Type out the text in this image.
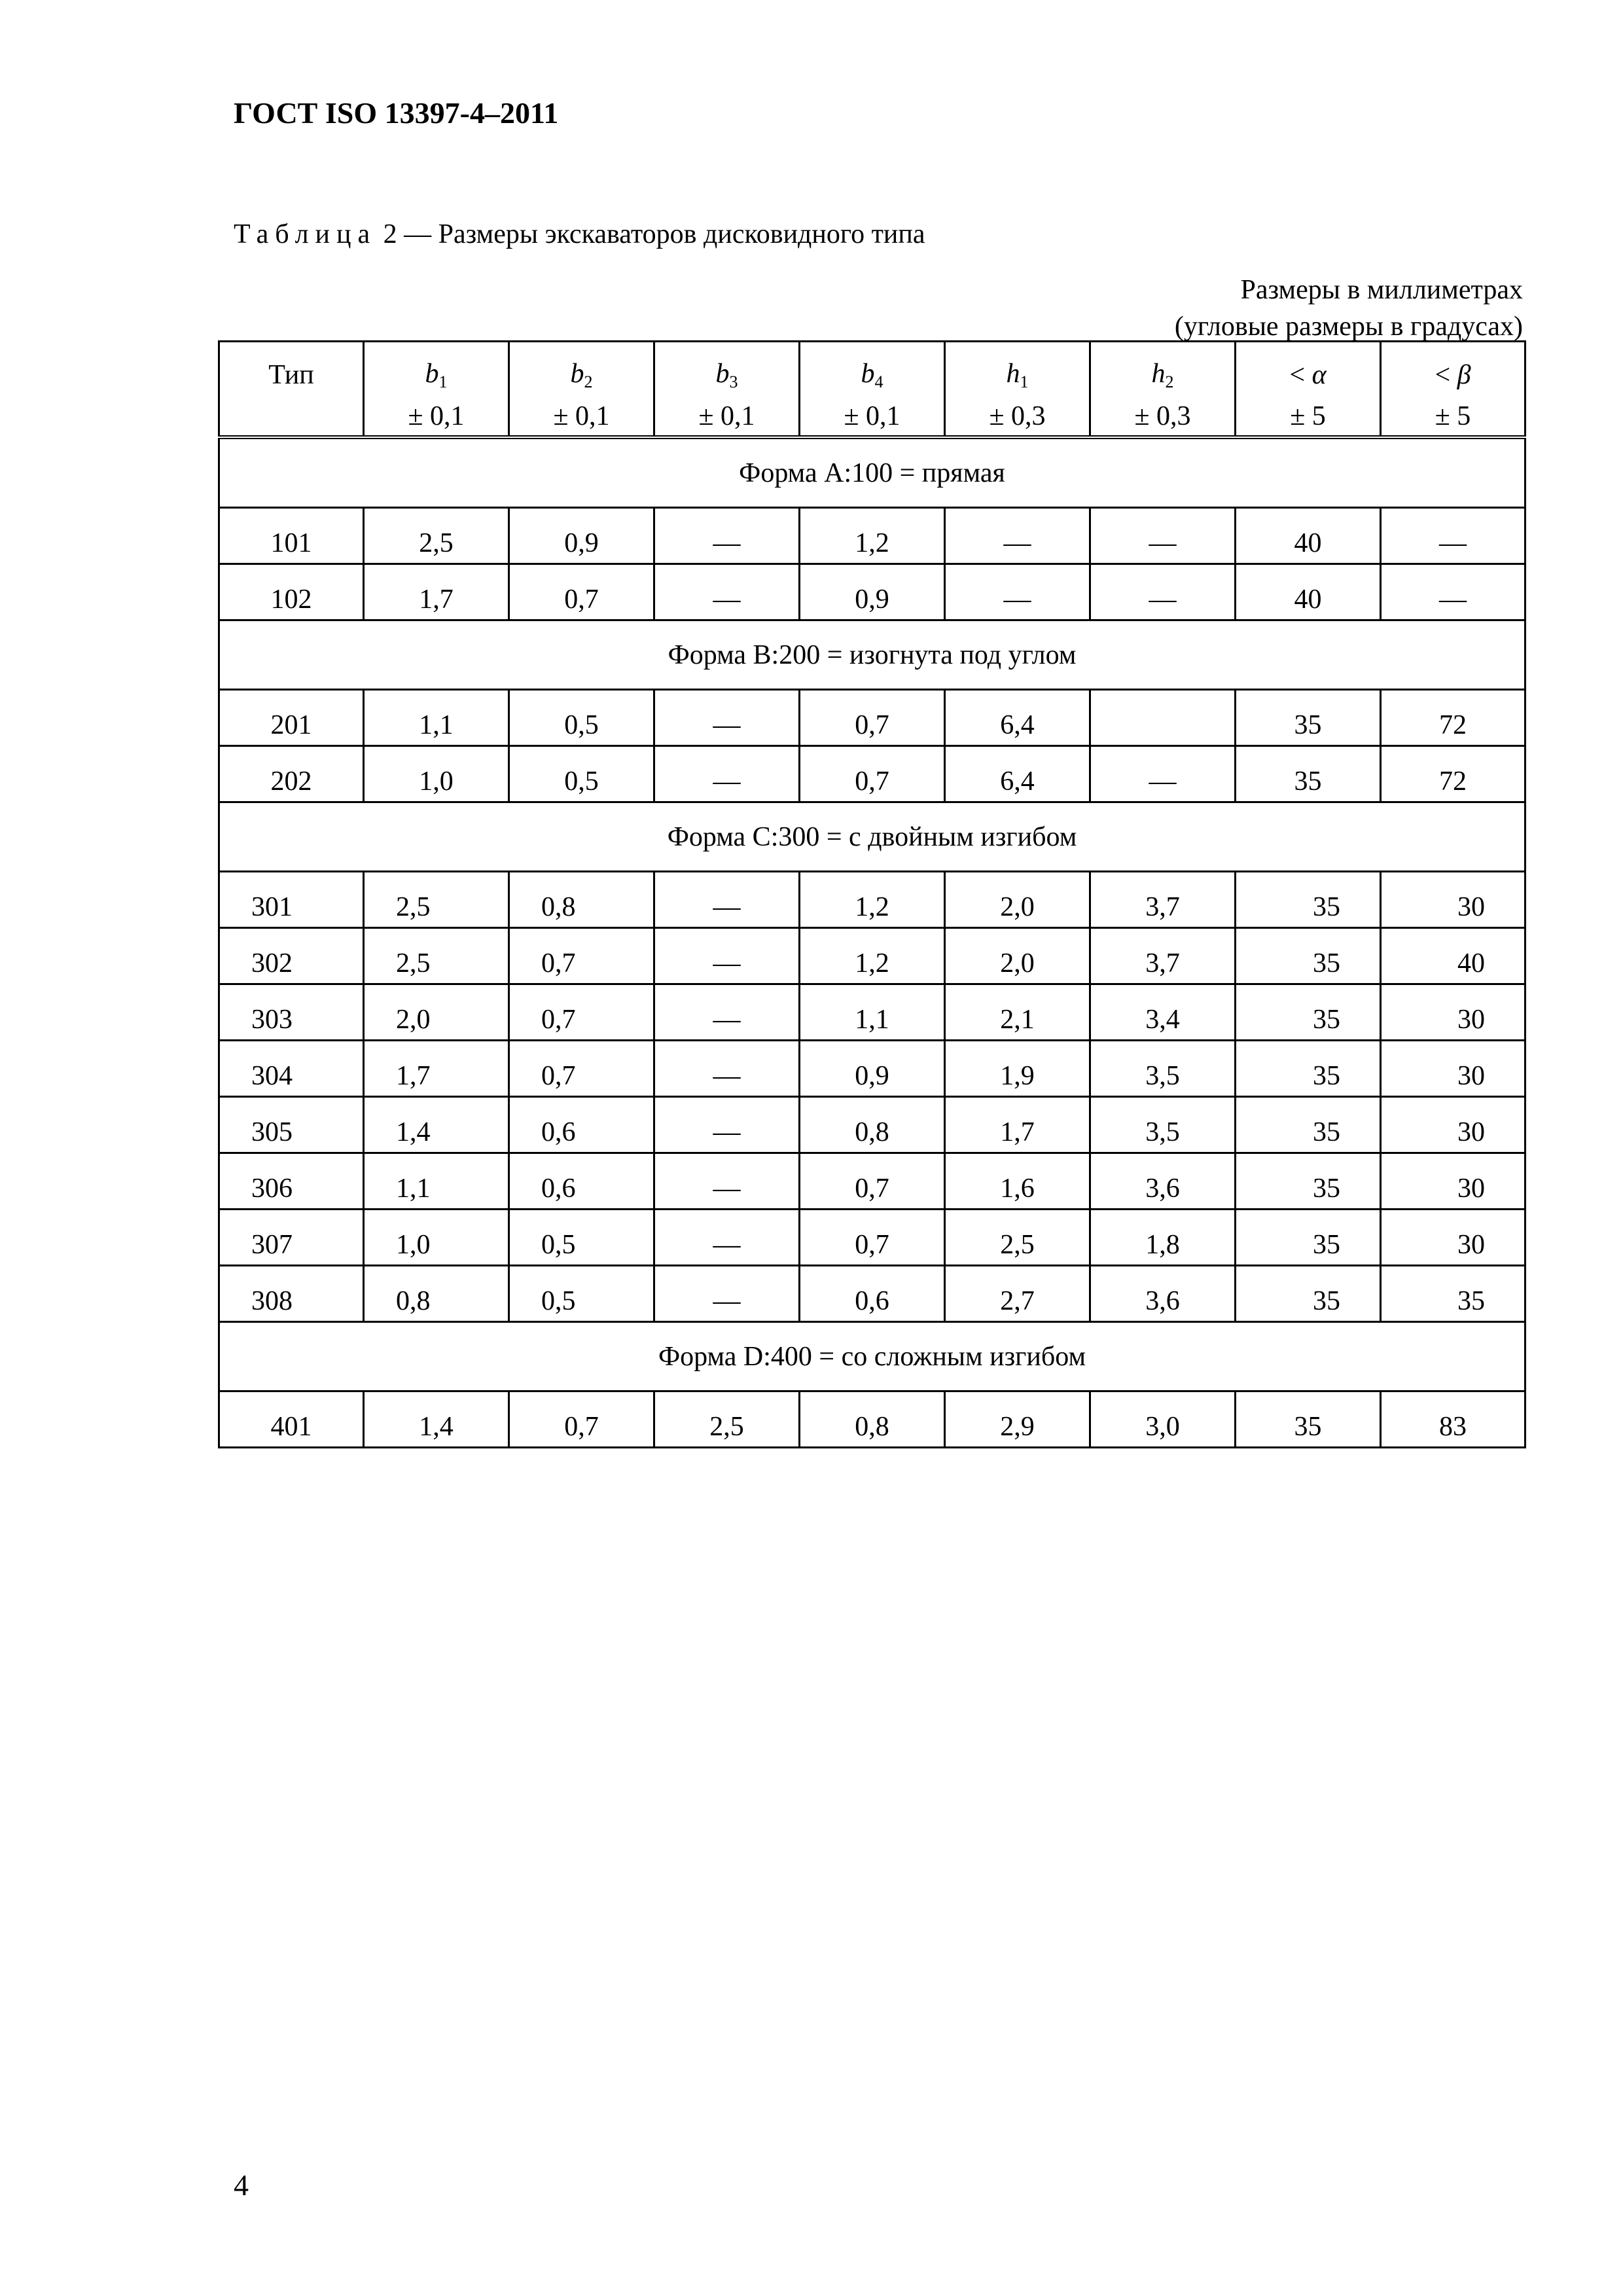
ГОСТ ISO 13397-4–2011
Таблица 2 — Размеры экскаваторов дисковидного типа
Размеры в миллиметрах
(угловые размеры в градусах)
Тип	$b_1$	$b_2$	$b_3$	$b_4$	$h_1$	$h_2$	< α	< β
	± 0,1	± 0,1	± 0,1	± 0,1	± 0,3	± 0,3	± 5	± 5
Форма А:100 = прямая								
101	2,5	0,9	—	1,2	—	—	40	—
102	1,7	0,7	—	0,9	—	—	40	—
Форма В:200 = изогнута под углом								
201	1,1	0,5	—	0,7	6,4		35	72
202	1,0	0,5	—	0,7	6,4	—	35	72
Форма С:300 = с двойным изгибом								
301	2,5	0,8	—	1,2	2,0	3,7	35	30
302	2,5	0,7	—	1,2	2,0	3,7	35	40
303	2,0	0,7	—	1,1	2,1	3,4	35	30
304	1,7	0,7	—	0,9	1,9	3,5	35	30
305	1,4	0,6	—	0,8	1,7	3,5	35	30
306	1,1	0,6	—	0,7	1,6	3,6	35	30
307	1,0	0,5	—	0,7	2,5	1,8	35	30
308	0,8	0,5	—	0,6	2,7	3,6	35	35
Форма D:400 = со сложным изгибом								
401	1,4	0,7	2,5	0,8	2,9	3,0	35	83
4
